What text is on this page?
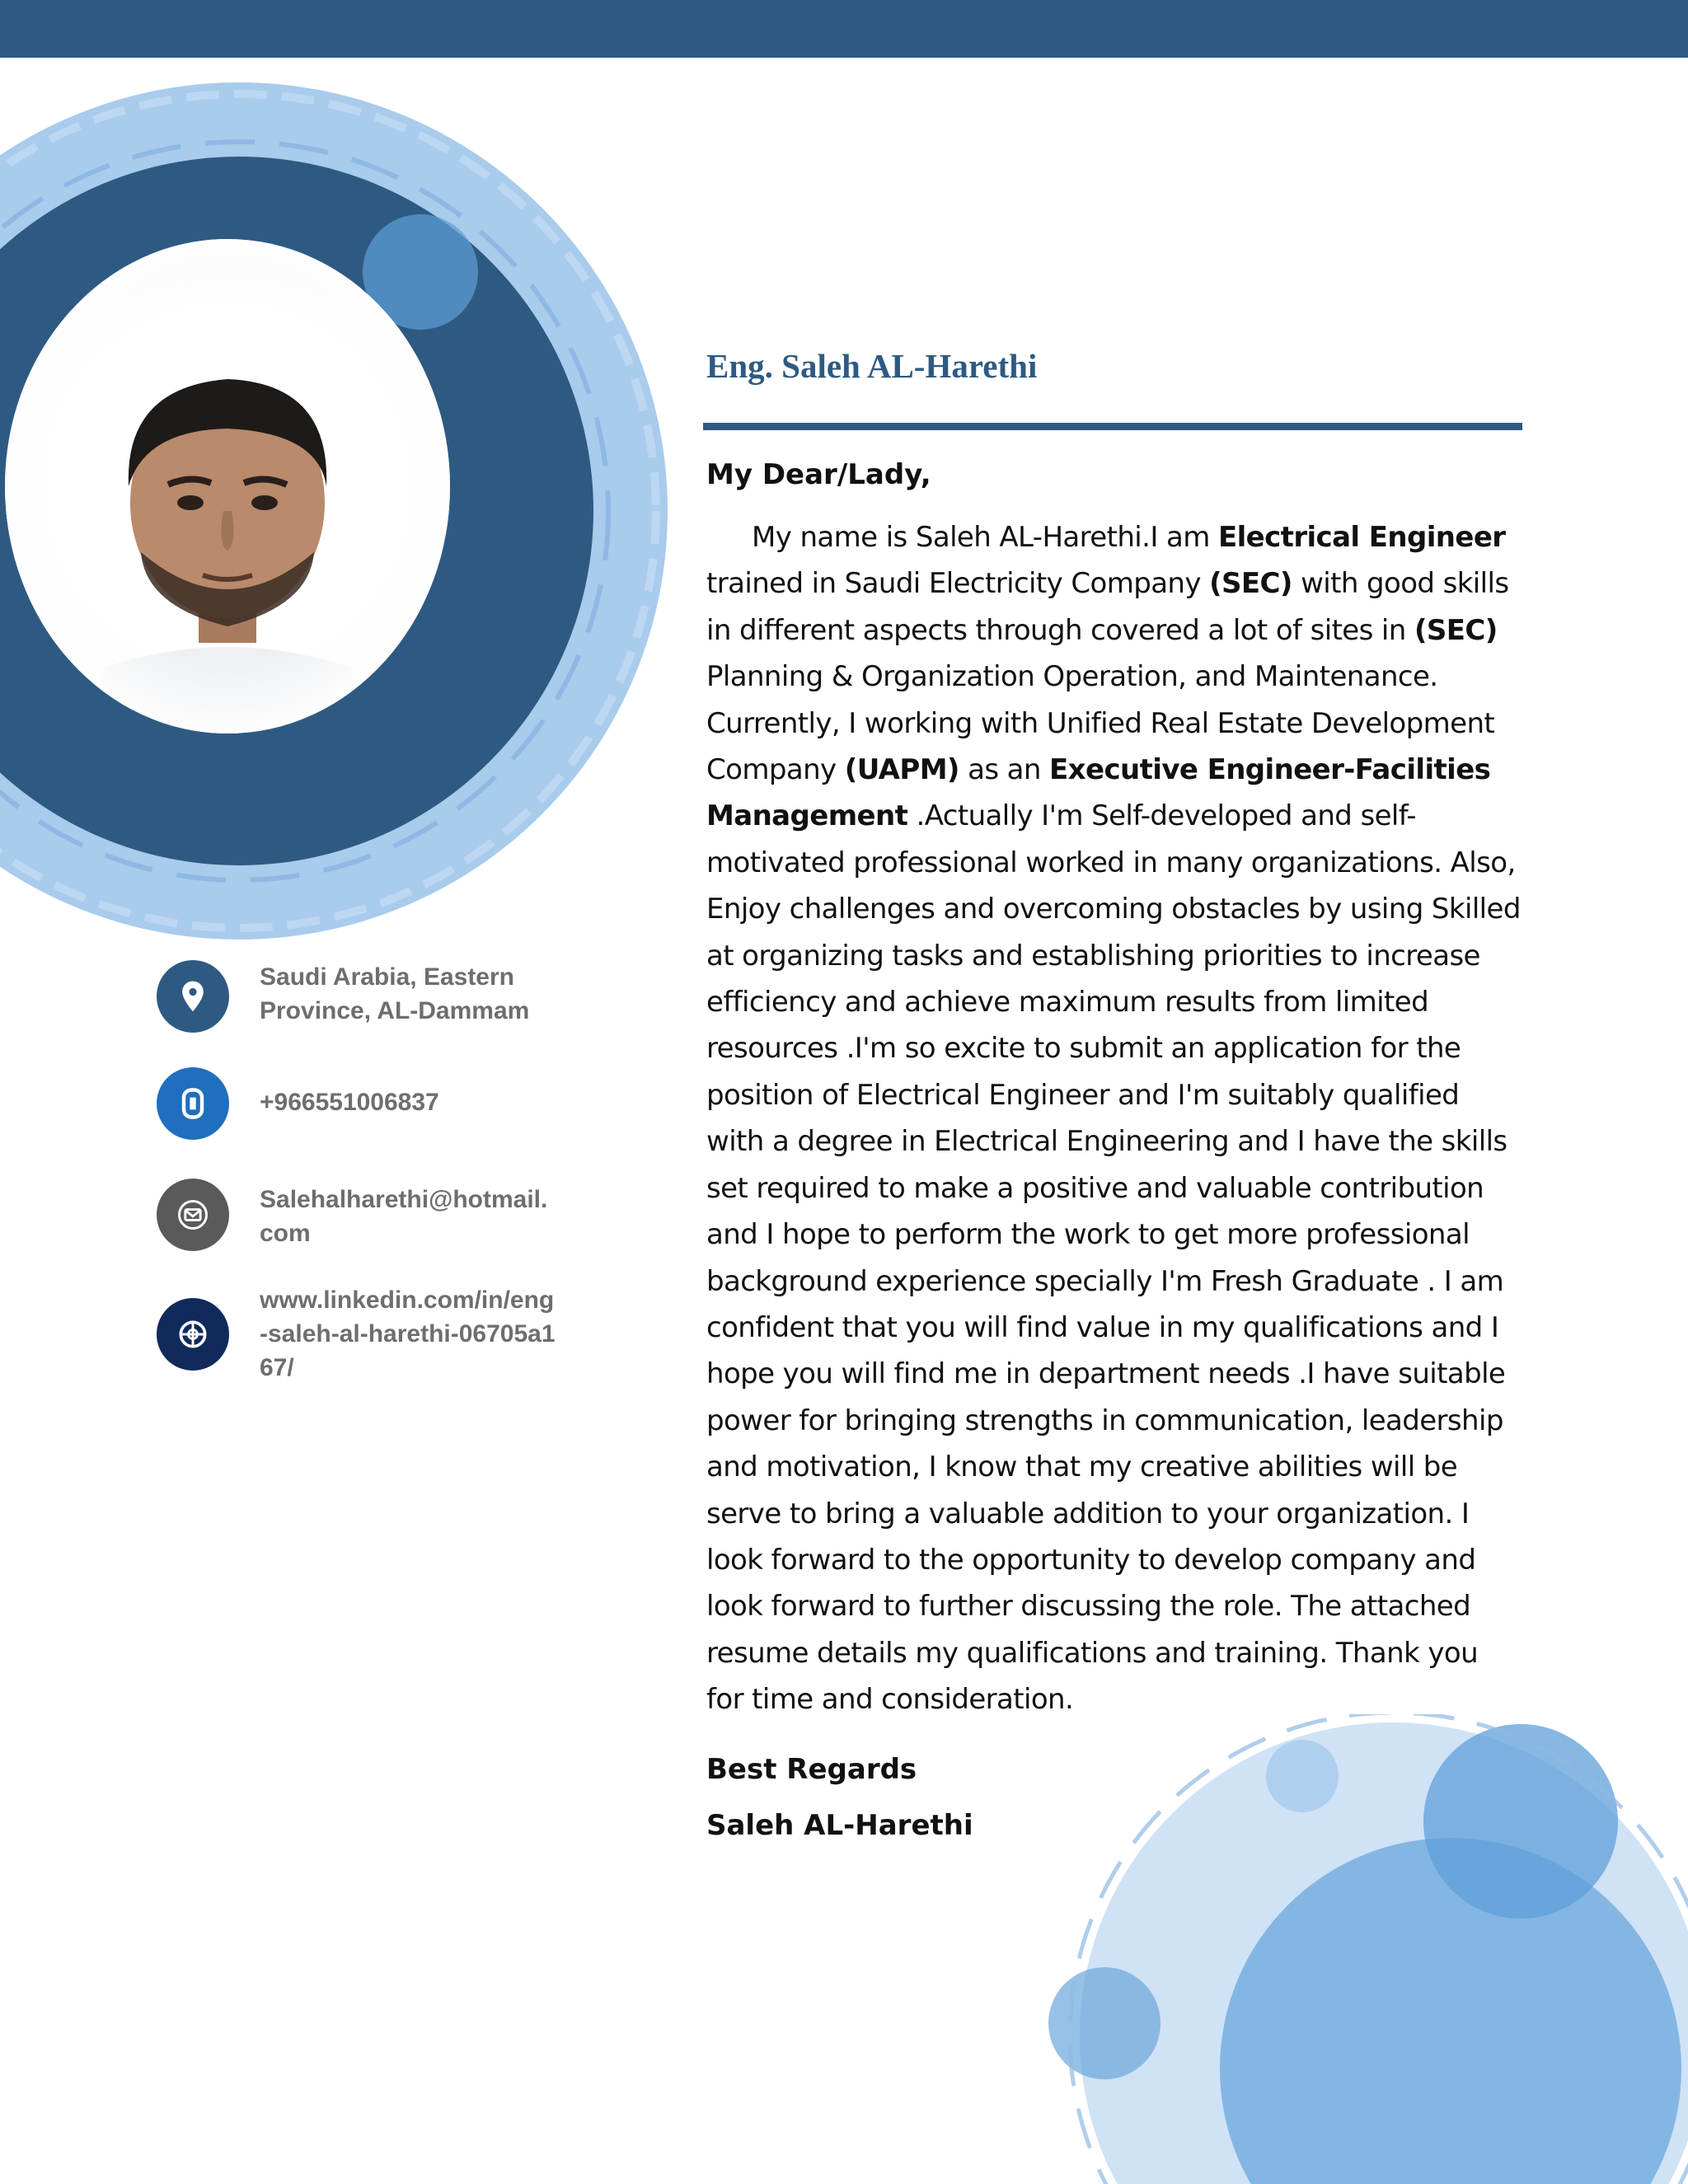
Saudi Arabia, Eastern Province, AL-Dammam
+966551006837
Salehalharethi@hotmail.com
www.linkedin.com/in/eng-saleh-al-harethi-06705a167/
Eng. Saleh AL-Harethi

My Dear/Lady,

My name is Saleh AL-Harethi.I am Electrical Engineer trained in Saudi Electricity Company (SEC) with good skills in different aspects through covered a lot of sites in (SEC) Planning & Organization Operation, and Maintenance. Currently, I working with Unified Real Estate Development Company (UAPM) as an Executive Engineer-Facilities Management .Actually I'm Self-developed and self-motivated professional worked in many organizations. Also, Enjoy challenges and overcoming obstacles by using Skilled at organizing tasks and establishing priorities to increase efficiency and achieve maximum results from limited resources .I'm so excite to submit an application for the position of Electrical Engineer and I'm suitably qualified with a degree in Electrical Engineering and I have the skills set required to make a positive and valuable contribution and I hope to perform the work to get more professional background experience specially I'm Fresh Graduate . I am confident that you will find value in my qualifications and I hope you will find me in department needs .I have suitable power for bringing strengths in communication, leadership and motivation, I know that my creative abilities will be serve to bring a valuable addition to your organization. I look forward to the opportunity to develop company and look forward to further discussing the role. The attached resume details my qualifications and training. Thank you for time and consideration.

Best Regards
Saleh AL-Harethi
